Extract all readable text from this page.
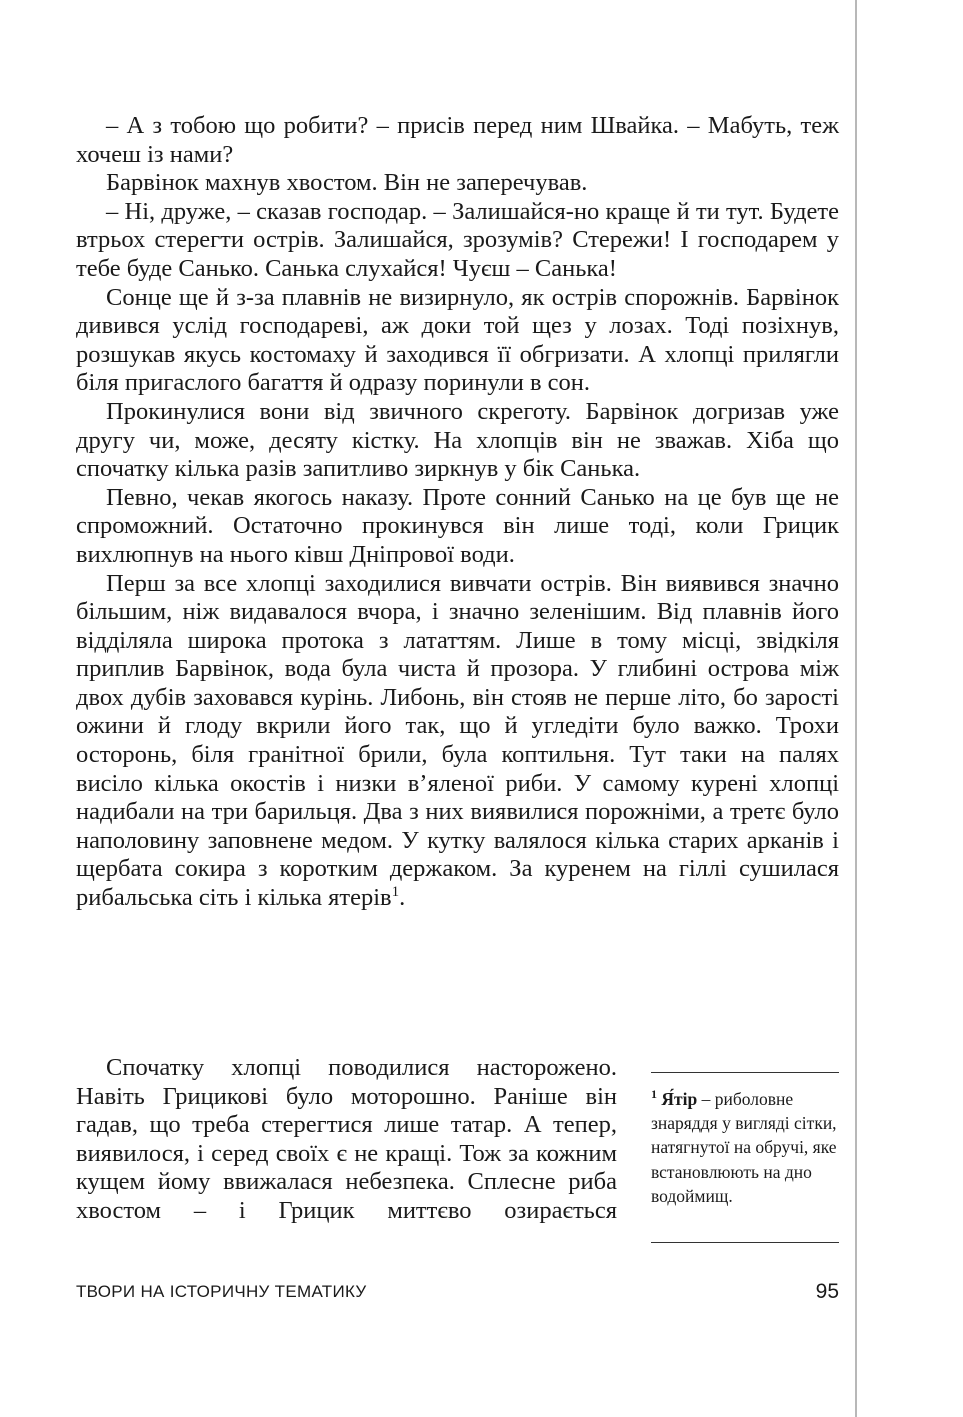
– А з тобою що робити? – присів перед ним Швайка. – Мабуть, теж хочеш із нами?

Барвінок махнув хвостом. Він не заперечував.

– Ні, друже, – сказав господар. – Залишайся-но краще й ти тут. Будете втрьох стерегти острів. Залишайся, зрозумів? Стережи! І господарем у тебе буде Санько. Санька слухайся! Чуєш – Санька!

Сонце ще й з-за плавнів не визирнуло, як острів спорожнів. Барвінок дивився услід господареві, аж доки той щез у лозах. Тоді позіхнув, розшукав якусь костомаху й заходився її обгризати. А хлопці прилягли біля пригаслого багаття й одразу поринули в сон.

Прокинулися вони від звичного скреготу. Барвінок догризав уже другу чи, може, десяту кістку. На хлопців він не зважав. Хіба що спочатку кілька разів запитливо зиркнув у бік Санька.

Певно, чекав якогось наказу. Проте сонний Санько на це був ще не спроможний. Остаточно прокинувся він лише тоді, коли Грицик вихлюпнув на нього ківш Дніпрової води.

Перш за все хлопці заходилися вивчати острів. Він виявився значно більшим, ніж видавалося вчора, і значно зеленішим. Від плавнів його відділяла широка протока з лататтям. Лише в тому місці, звідкіля приплив Барвінок, вода була чиста й прозора. У глибині острова між двох дубів заховався курінь. Либонь, він стояв не перше літо, бо зарості ожини й глоду вкрили його так, що й угледіти було важко. Трохи осторонь, біля гранітної брили, була коптильня. Тут таки на палях висіло кілька окостів і низки в’яленої риби. У самому курені хлопці надибали на три барильця. Два з них виявилися порожніми, а третє було наполовину заповнене медом. У кутку валялося кілька старих арканів і щербата сокира з коротким держаком. За куренем на гіллі сушилася рибальська сіть і кілька ятерів$^1$.

Спочатку хлопці поводилися насторожено. Навіть Грицикові було моторошно. Раніше він гадав, що треба стерегтися лише татар. А тепер, виявилося, і серед своїх є не кращі. Тож за кожним кущем йому ввижалася небезпека. Сплесне риба хвостом – і Грицик миттєво озирається

$^1$ Я́тір – риболовне знаряддя у вигляді сітки, натягнутої на обручі, яке встановлюють на дно водоймищ.
ТВОРИ НА ІСТОРИЧНУ ТЕМАТИКУ	95
